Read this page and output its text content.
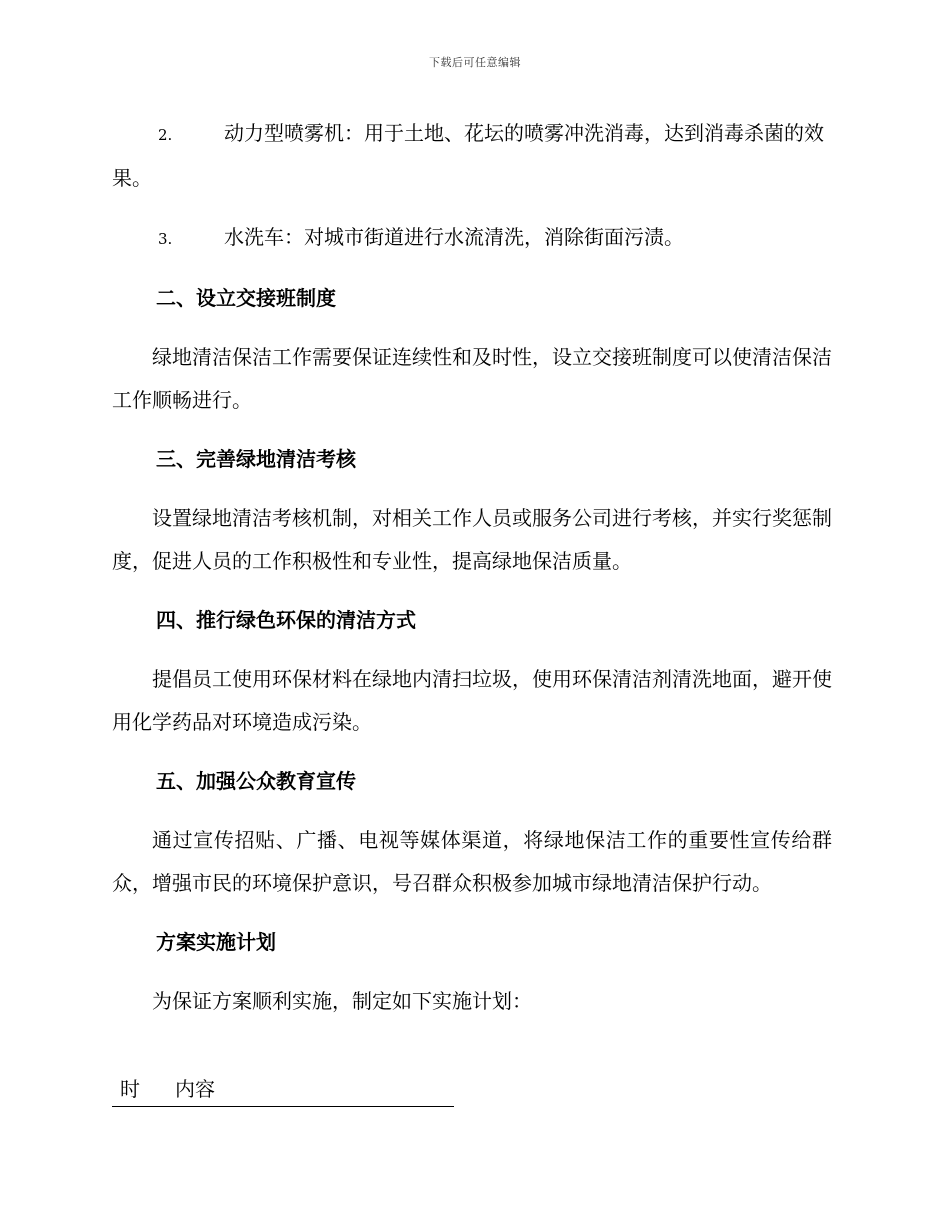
下载后可任意编辑

2.	动力型喷雾机：用于土地、花坛的喷雾冲洗消毒，达到消毒杀菌的效果。

3.	水洗车：对城市街道进行水流清洗，消除街面污渍。

二、设立交接班制度

绿地清洁保洁工作需要保证连续性和及时性，设立交接班制度可以使清洁保洁工作顺畅进行。

三、完善绿地清洁考核

设置绿地清洁考核机制，对相关工作人员或服务公司进行考核，并实行奖惩制度，促进人员的工作积极性和专业性，提高绿地保洁质量。

四、推行绿色环保的清洁方式

提倡员工使用环保材料在绿地内清扫垃圾，使用环保清洁剂清洗地面，避开使用化学药品对环境造成污染。

五、加强公众教育宣传

通过宣传招贴、广播、电视等媒体渠道，将绿地保洁工作的重要性宣传给群众，增强市民的环境保护意识，号召群众积极参加城市绿地清洁保护行动。

方案实施计划

为保证方案顺利实施，制定如下实施计划：

时 内容
